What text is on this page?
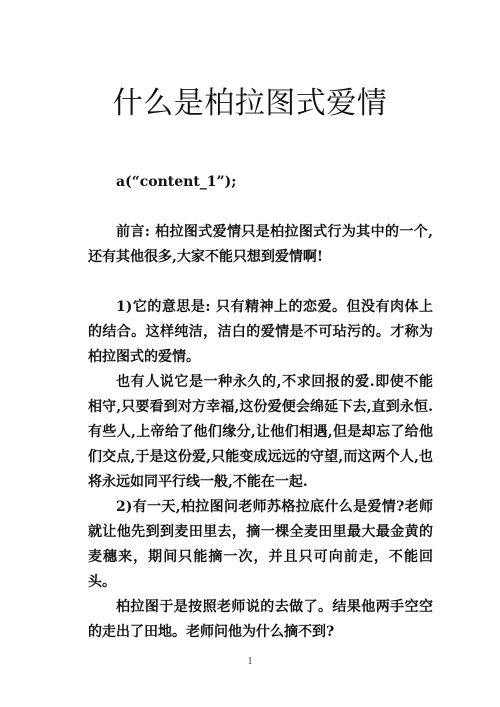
什么是柏拉图式爱情

a(“content_1”);

前言: 柏拉图式爱情只是柏拉图式行为其中的一个,还有其他很多,大家不能只想到爱情啊!

1)它的意思是: 只有精神上的恋爱。但没有肉体上的结合。这样纯洁，洁白的爱情是不可玷污的。才称为柏拉图式的爱情。

也有人说它是一种永久的,不求回报的爱.即使不能相守,只要看到对方幸福,这份爱便会绵延下去,直到永恒.有些人,上帝给了他们缘分,让他们相遇,但是却忘了给他们交点,于是这份爱,只能变成远远的守望,而这两个人,也将永远如同平行线一般,不能在一起.

2)有一天,柏拉图问老师苏格拉底什么是爱情?老师就让他先到到麦田里去，摘一棵全麦田里最大最金黄的麦穗来，期间只能摘一次，并且只可向前走，不能回头。

柏拉图于是按照老师说的去做了。结果他两手空空的走出了田地。老师问他为什么摘不到?

1
